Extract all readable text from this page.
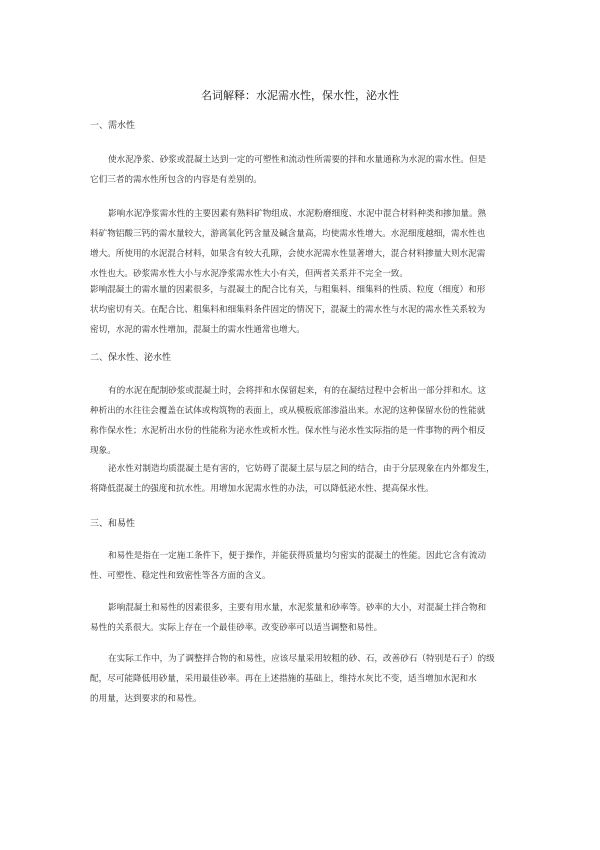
名词解释：水泥需水性，保水性，泌水性
一、需水性
使水泥净浆、砂浆或混凝土达到一定的可塑性和流动性所需要的拌和水量通称为水泥的需水性。但是
它们三者的需水性所包含的内容是有差别的。
影响水泥净浆需水性的主要因素有熟料矿物组成、水泥粉磨细度、水泥中混合材料种类和掺加量。熟
料矿物铝酸三钙的需水量较大，游离氧化钙含量及碱含量高，均使需水性增大。水泥细度越细，需水性也
增大。所使用的水泥混合材料，如果含有较大孔隙，会使水泥需水性显著增大，混合材料掺量大则水泥需
水性也大。砂浆需水性大小与水泥净浆需水性大小有关，但两者关系并不完全一致。
影响混凝土的需水量的因素很多，与混凝土的配合比有关，与粗集料、细集料的性质、粒度（细度）和形
状均密切有关。在配合比、粗集料和细集料条件固定的情况下，混凝土的需水性与水泥的需水性关系较为
密切，水泥的需水性增加，混凝土的需水性通常也增大。
二、保水性、泌水性
有的水泥在配制砂浆或混凝土时，会将拌和水保留起来，有的在凝结过程中会析出一部分拌和水。这
种析出的水往往会覆盖在试体或构筑物的表面上，或从模板底部渗溢出来。水泥的这种保留水份的性能就
称作保水性；水泥析出水份的性能称为泌水性或析水性。保水性与泌水性实际指的是一件事物的两个相反
现象。
泌水性对制造均质混凝土是有害的，它妨碍了混凝土层与层之间的结合，由于分层现象在内外都发生，
将降低混凝土的强度和抗水性。用增加水泥需水性的办法，可以降低泌水性、提高保水性。
三、和易性
和易性是指在一定施工条件下，便于操作，并能获得质量均匀密实的混凝土的性能。因此它含有流动
性、可塑性、稳定性和致密性等各方面的含义。
影响混凝土和易性的因素很多，主要有用水量，水泥浆量和砂率等。砂率的大小，对混凝土拌合物和
易性的关系很大。实际上存在一个最佳砂率。改变砂率可以适当调整和易性。
在实际工作中，为了调整拌合物的和易性，应该尽量采用较粗的砂、石，改善砂石（特别是石子）的级
配，尽可能降低用砂量，采用最佳砂率。再在上述措施的基础上，维持水灰比不变，适当增加水泥和水
的用量，达到要求的和易性。
